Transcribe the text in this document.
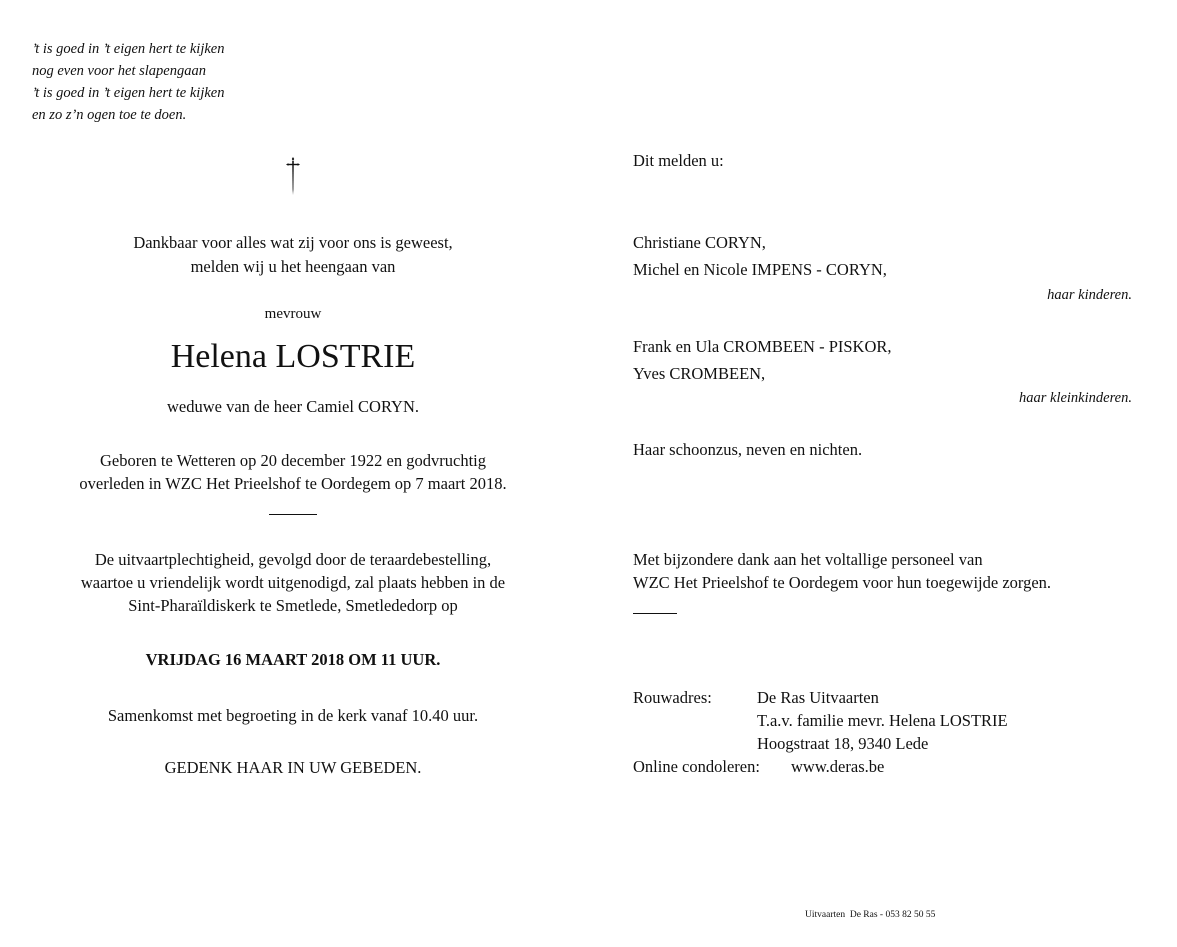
’t is goed in ’t eigen hert te kijken
nog even voor het slapengaan
’t is goed in ’t eigen hert te kijken
en zo z’n ogen toe te doen.
Dankbaar voor alles wat zij voor ons is geweest,
melden wij u het heengaan van
mevrouw
Helena LOSTRIE
weduwe van de heer Camiel CORYN.
Geboren te Wetteren op 20 december 1922 en godvruchtig
overleden in WZC Het Prieelshof te Oordegem op 7 maart 2018.
De uitvaartplechtigheid, gevolgd door de teraardebestelling,
waartoe u vriendelijk wordt uitgenodigd, zal plaats hebben in de
Sint-Pharaïldiskerk te Smetlede, Smetlededorp op
VRIJDAG 16 MAART 2018 OM 11 UUR.
Samenkomst met begroeting in de kerk vanaf 10.40 uur.
GEDENK HAAR IN UW GEBEDEN.
Dit melden u:
Christiane CORYN,
Michel en Nicole IMPENS - CORYN,
haar kinderen.
Frank en Ula CROMBEEN - PISKOR,
Yves CROMBEEN,
haar kleinkinderen.
Haar schoonzus, neven en nichten.
Met bijzondere dank aan het voltallige personeel van
WZC Het Prieelshof te Oordegem voor hun toegewijde zorgen.
Rouwadres:	De Ras Uitvaarten
T.a.v. familie mevr. Helena LOSTRIE
Hoogstraat 18, 9340 Lede
Online condoleren: www.deras.be
Uitvaarten  De Ras - 053 82 50 55
